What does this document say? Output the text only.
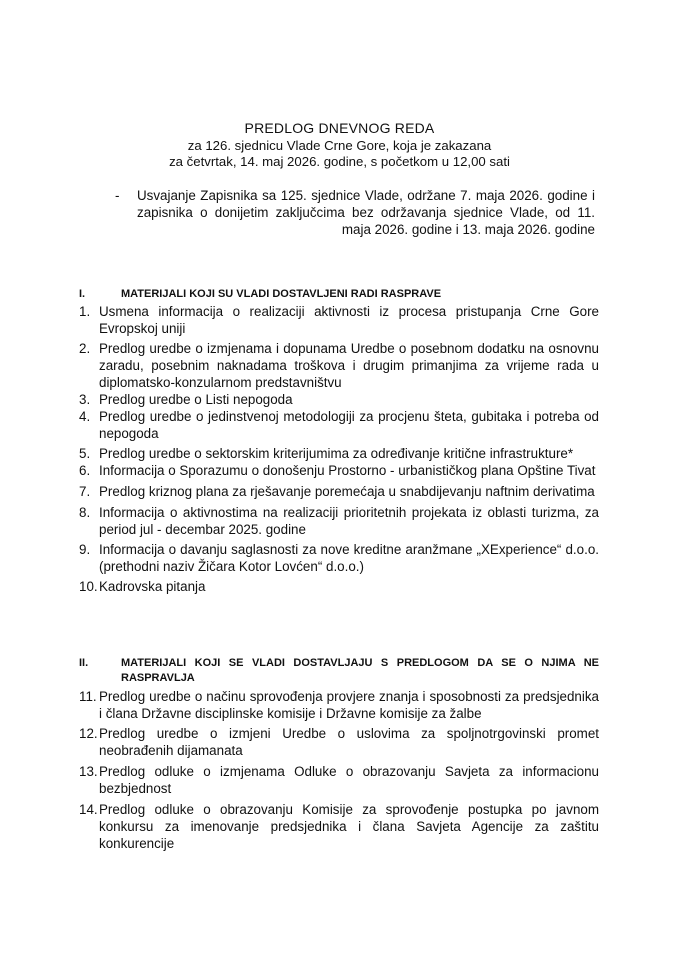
PREDLOG DNEVNOG REDA
za 126. sjednicu Vlade Crne Gore, koja je zakazana
za četvrtak, 14. maj 2026. godine, s početkom u 12,00 sati
- Usvajanje Zapisnika sa 125. sjednice Vlade, održane 7. maja 2026. godine i zapisnika o donijetim zaključcima bez održavanja sjednice Vlade, od 11. maja 2026. godine i 13. maja 2026. godine
I.	MATERIJALI KOJI SU VLADI DOSTAVLJENI RADI RASPRAVE
1. Usmena informacija o realizaciji aktivnosti iz procesa pristupanja Crne Gore Evropskoj uniji
2. Predlog uredbe o izmjenama i dopunama Uredbe o posebnom dodatku na osnovnu zaradu, posebnim naknadama troškova i drugim primanjima za vrijeme rada u diplomatsko-konzularnom predstavništvu
3. Predlog uredbe o Listi nepogoda
4. Predlog uredbe o jedinstvenoj metodologiji za procjenu šteta, gubitaka i potreba od nepogoda
5. Predlog uredbe o sektorskim kriterijumima za određivanje kritične infrastrukture*
6. Informacija o Sporazumu o donošenju Prostorno - urbanističkog plana Opštine Tivat
7. Predlog kriznog plana za rješavanje poremećaja u snabdijevanju naftnim derivatima
8. Informacija o aktivnostima na realizaciji prioritetnih projekata iz oblasti turizma, za period jul - decembar 2025. godine
9. Informacija o davanju saglasnosti za nove kreditne aranžmane „XExperience“ d.o.o. (prethodni naziv Žičara Kotor Lovćen“ d.o.o.)
10. Kadrovska pitanja
II.	MATERIJALI KOJI SE VLADI DOSTAVLJAJU S PREDLOGOM DA SE O NJIMA NE RASPRAVLJA
11. Predlog uredbe o načinu sprovođenja provjere znanja i sposobnosti za predsjednika i člana Državne disciplinske komisije i Državne komisije za žalbe
12. Predlog uredbe o izmjeni Uredbe o uslovima za spoljnotrgovinski promet neobrađenih dijamanata
13. Predlog odluke o izmjenama Odluke o obrazovanju Savjeta za informacionu bezbjednost
14. Predlog odluke o obrazovanju Komisije za sprovođenje postupka po javnom konkursu za imenovanje predsjednika i člana Savjeta Agencije za zaštitu konkurencije
